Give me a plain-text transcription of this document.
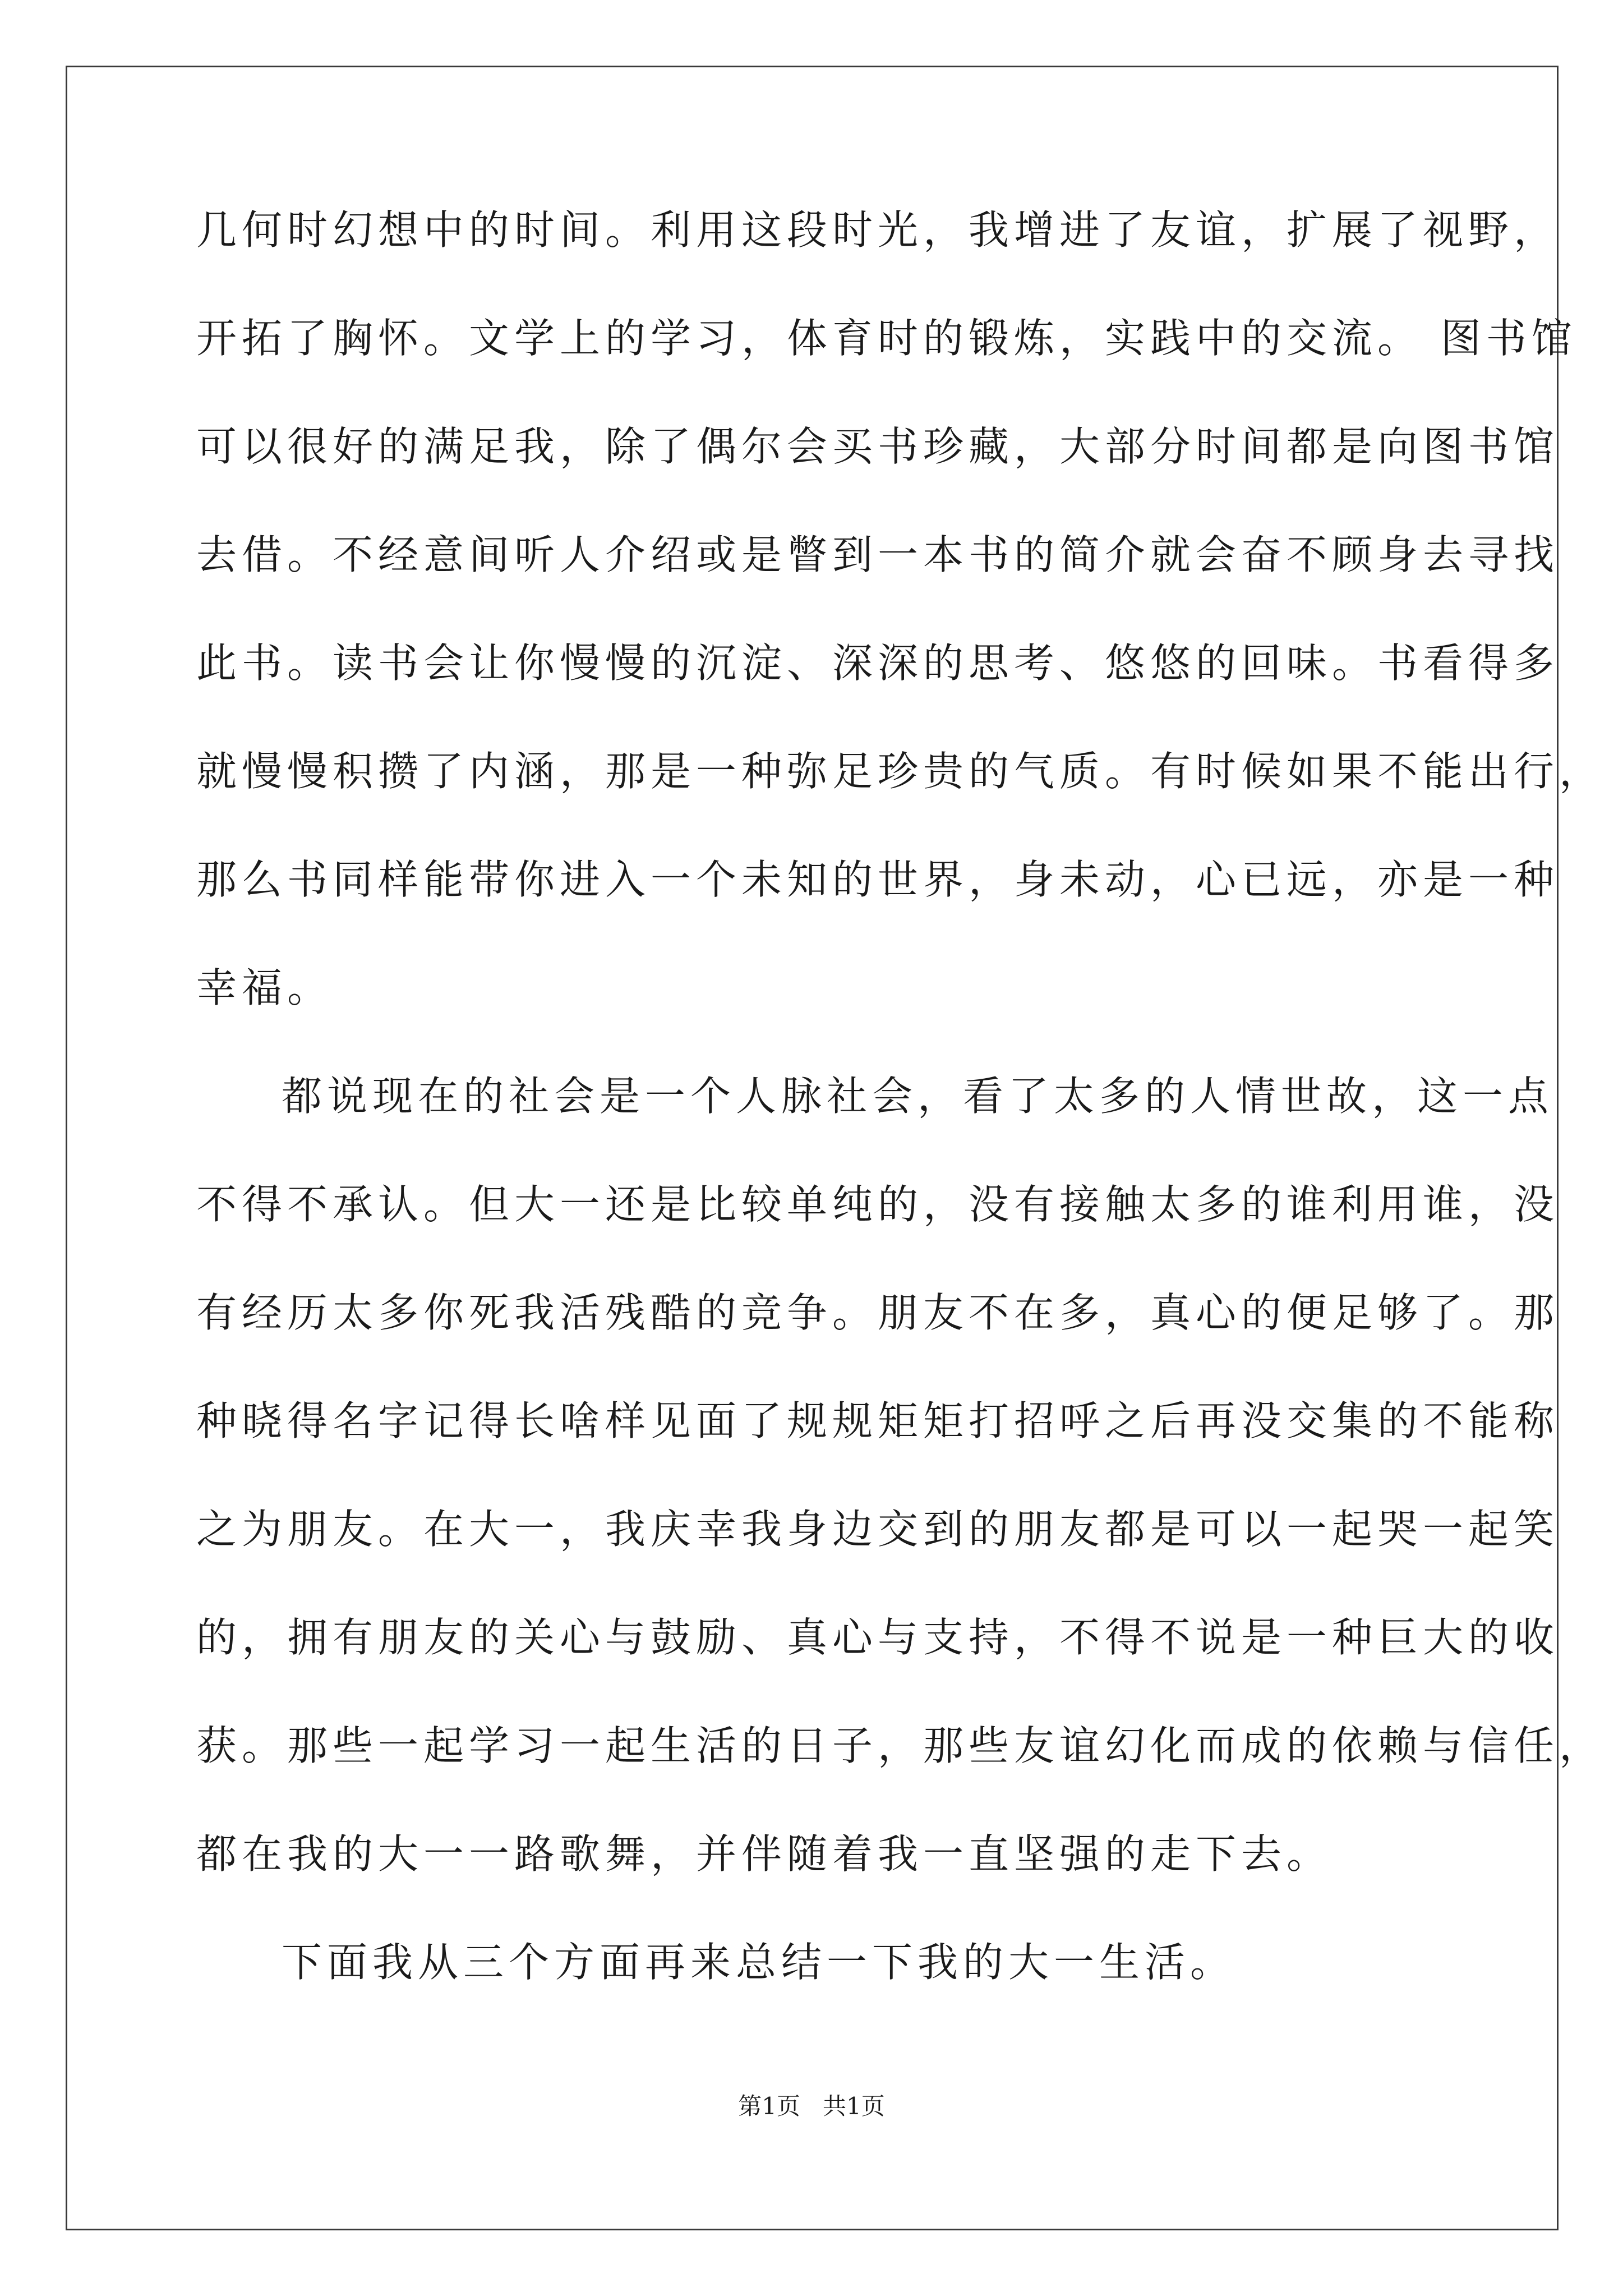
几何时幻想中的时间。利用这段时光，我增进了友谊，扩展了视野，
开拓了胸怀。文学上的学习，体育时的锻炼，实践中的交流。 图书馆
可以很好的满足我，除了偶尔会买书珍藏，大部分时间都是向图书馆
去借。不经意间听人介绍或是瞥到一本书的简介就会奋不顾身去寻找
此书。读书会让你慢慢的沉淀、深深的思考、悠悠的回味。书看得多
就慢慢积攒了内涵，那是一种弥足珍贵的气质。有时候如果不能出行，
那么书同样能带你进入一个未知的世界，身未动，心已远，亦是一种
幸福。
都说现在的社会是一个人脉社会，看了太多的人情世故，这一点
不得不承认。但大一还是比较单纯的，没有接触太多的谁利用谁，没
有经历太多你死我活残酷的竞争。朋友不在多，真心的便足够了。那
种晓得名字记得长啥样见面了规规矩矩打招呼之后再没交集的不能称
之为朋友。在大一，我庆幸我身边交到的朋友都是可以一起哭一起笑
的，拥有朋友的关心与鼓励、真心与支持，不得不说是一种巨大的收
获。那些一起学习一起生活的日子，那些友谊幻化而成的依赖与信任，
都在我的大一一路歌舞，并伴随着我一直坚强的走下去。
下面我从三个方面再来总结一下我的大一生活。
第1页 共1页
